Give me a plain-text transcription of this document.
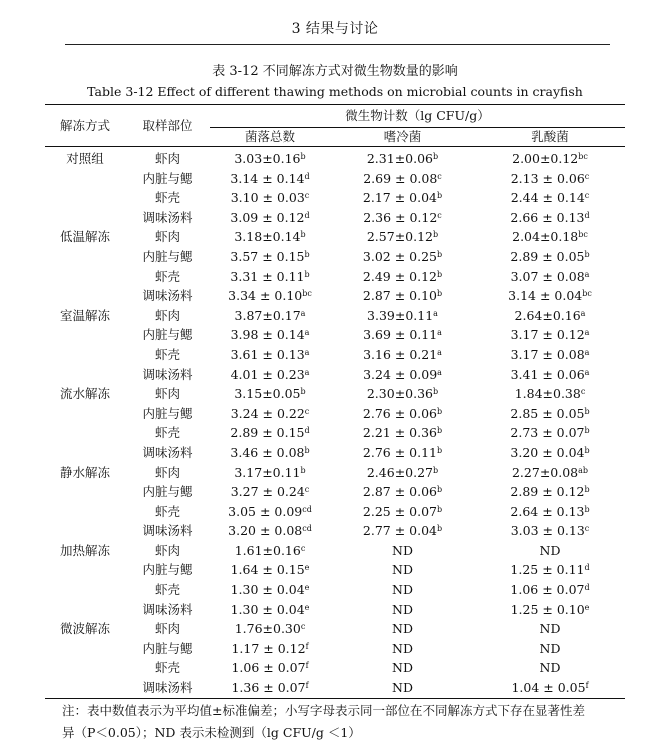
3 结果与讨论
表 3-12 不同解冻方式对微生物数量的影响
Table 3-12 Effect of different thawing methods on microbial counts in crayfish
解冻方式	取样部位	微生物计数（lg CFU/g）		
		菌落总数	嗜冷菌	乳酸菌
对照组	虾肉	3.03±0.16$^b$	2.31±0.06$^b$	2.00±0.12$^{bc}$
	内脏与鳃	3.14 ± 0.14$^d$	2.69 ± 0.08$^c$	2.13 ± 0.06$^c$
	虾壳	3.10 ± 0.03$^c$	2.17 ± 0.04$^b$	2.44 ± 0.14$^c$
	调味汤料	3.09 ± 0.12$^d$	2.36 ± 0.12$^c$	2.66 ± 0.13$^d$
低温解冻	虾肉	3.18±0.14$^b$	2.57±0.12$^b$	2.04±0.18$^{bc}$
	内脏与鳃	3.57 ± 0.15$^b$	3.02 ± 0.25$^b$	2.89 ± 0.05$^b$
	虾壳	3.31 ± 0.11$^b$	2.49 ± 0.12$^b$	3.07 ± 0.08$^a$
	调味汤料	3.34 ± 0.10$^{bc}$	2.87 ± 0.10$^b$	3.14 ± 0.04$^{bc}$
室温解冻	虾肉	3.87±0.17$^a$	3.39±0.11$^a$	2.64±0.16$^a$
	内脏与鳃	3.98 ± 0.14$^a$	3.69 ± 0.11$^a$	3.17 ± 0.12$^a$
	虾壳	3.61 ± 0.13$^a$	3.16 ± 0.21$^a$	3.17 ± 0.08$^a$
	调味汤料	4.01 ± 0.23$^a$	3.24 ± 0.09$^a$	3.41 ± 0.06$^a$
流水解冻	虾肉	3.15±0.05$^b$	2.30±0.36$^b$	1.84±0.38$^c$
	内脏与鳃	3.24 ± 0.22$^c$	2.76 ± 0.06$^b$	2.85 ± 0.05$^b$
	虾壳	2.89 ± 0.15$^d$	2.21 ± 0.36$^b$	2.73 ± 0.07$^b$
	调味汤料	3.46 ± 0.08$^b$	2.76 ± 0.11$^b$	3.20 ± 0.04$^b$
静水解冻	虾肉	3.17±0.11$^b$	2.46±0.27$^b$	2.27±0.08$^{ab}$
	内脏与鳃	3.27 ± 0.24$^c$	2.87 ± 0.06$^b$	2.89 ± 0.12$^b$
	虾壳	3.05 ± 0.09$^{cd}$	2.25 ± 0.07$^b$	2.64 ± 0.13$^b$
	调味汤料	3.20 ± 0.08$^{cd}$	2.77 ± 0.04$^b$	3.03 ± 0.13$^c$
加热解冻	虾肉	1.61±0.16$^c$	ND	ND
	内脏与鳃	1.64 ± 0.15$^e$	ND	1.25 ± 0.11$^d$
	虾壳	1.30 ± 0.04$^e$	ND	1.06 ± 0.07$^d$
	调味汤料	1.30 ± 0.04$^e$	ND	1.25 ± 0.10$^e$
微波解冻	虾肉	1.76±0.30$^c$	ND	ND
	内脏与鳃	1.17 ± 0.12$^f$	ND	ND
	虾壳	1.06 ± 0.07$^f$	ND	ND
	调味汤料	1.36 ± 0.07$^f$	ND	1.04 ± 0.05$^f$
注：表中数值表示为平均值±标准偏差；小写字母表示同一部位在不同解冻方式下存在显著性差
异（P＜0.05）；ND 表示未检测到（lg CFU/g ＜1）
